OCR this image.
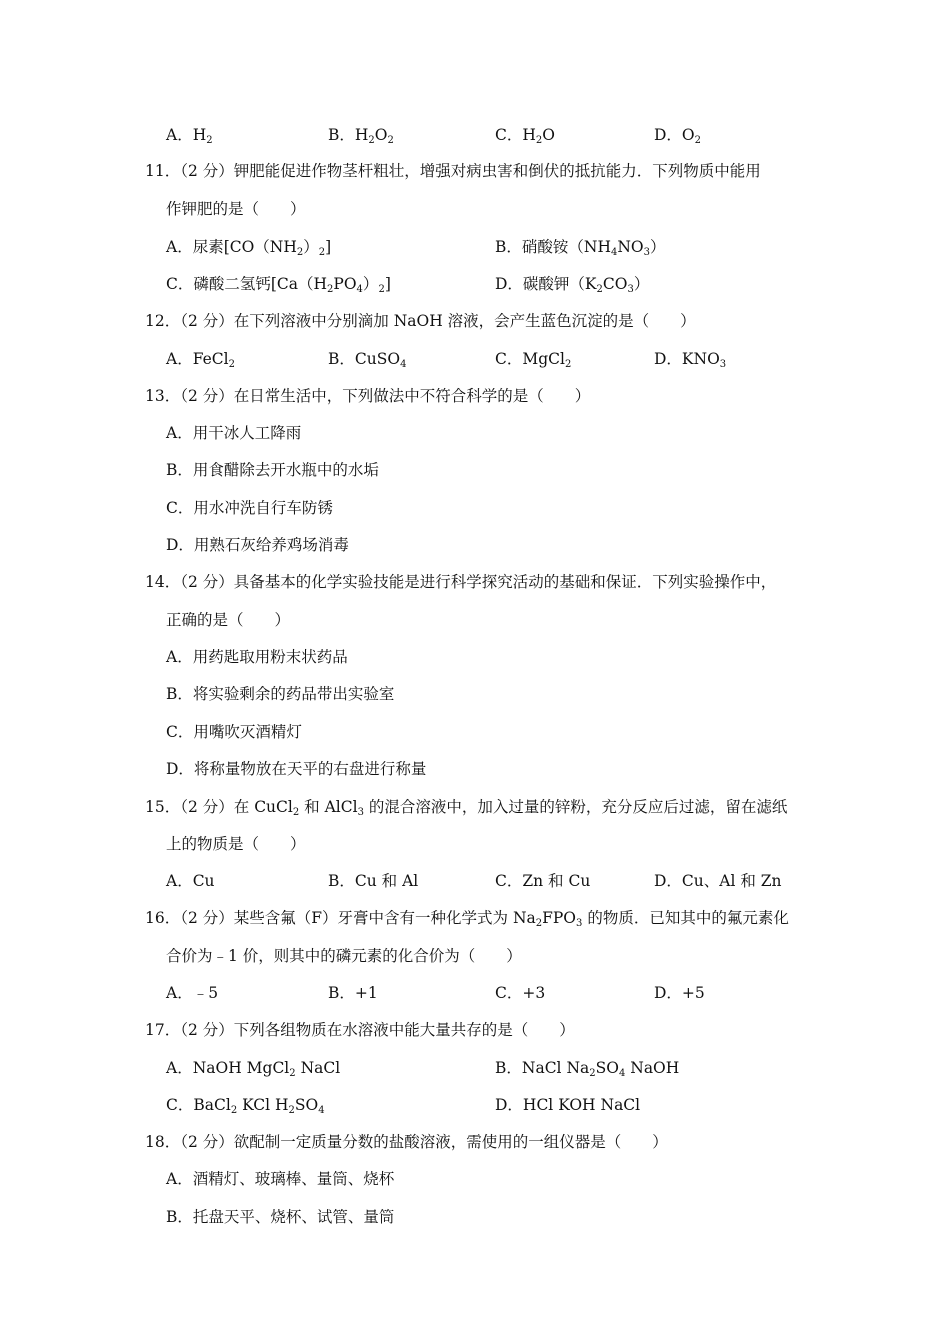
A．$H_2$	B．$H_2O_2$	C．$H_2O$	D．$O_2$
11．（2 分）钾肥能促进作物茎杆粗壮，增强对病虫害和倒伏的抵抗能力．下列物质中能用
作钾肥的是（　　）
A．尿素$[CO(NH_2)_2]$	B．硝酸铵$(NH_4NO_3)$
C．磷酸二氢钙$[Ca(H_2PO_4)_2]$	D．碳酸钾$(K_2CO_3)$
12．（2 分）在下列溶液中分别滴加 NaOH 溶液，会产生蓝色沉淀的是（　　）
A．FeCl$_2$	B．CuSO$_4$	C．MgCl$_2$	D．$KNO_3$
13．（2 分）在日常生活中，下列做法中不符合科学的是（　　）
A．用干冰人工降雨
B．用食醋除去开水瓶中的水垢
C．用水冲洗自行车防锈
D．用熟石灰给养鸡场消毒
14．（2 分）具备基本的化学实验技能是进行科学探究活动的基础和保证．下列实验操作中，
正确的是（　　）
A．用药匙取用粉末状药品
B．将实验剩余的药品带出实验室
C．用嘴吹灭酒精灯
D．将称量物放在天平的右盘进行称量
15．（2 分）在 CuCl$_2$ 和 AlCl$_3$ 的混合溶液中，加入过量的锌粉，充分反应后过滤，留在滤纸
上的物质是（　　）
A．Cu	B．Cu 和 Al	C．Zn 和 Cu	D．Cu、Al 和 Zn
16．（2 分）某些含氟（F）牙膏中含有一种化学式为 $Na_2FPO_3$ 的物质．已知其中的氟元素化
合价为﹣1 价，则其中的磷元素的化合价为（　　）
A．﹣5	B．+1	C．+3	D．+5
17．（2 分）下列各组物质在水溶液中能大量共存的是（　　）
A．NaOH MgCl$_2$ NaCl	B．NaCl $Na_2SO_4$ NaOH
C．BaCl$_2$ KCl $H_2SO_4$	D．HCl KOH NaCl
18．（2 分）欲配制一定质量分数的盐酸溶液，需使用的一组仪器是（　　）
A．酒精灯、玻璃棒、量筒、烧杯
B．托盘天平、烧杯、试管、量筒
